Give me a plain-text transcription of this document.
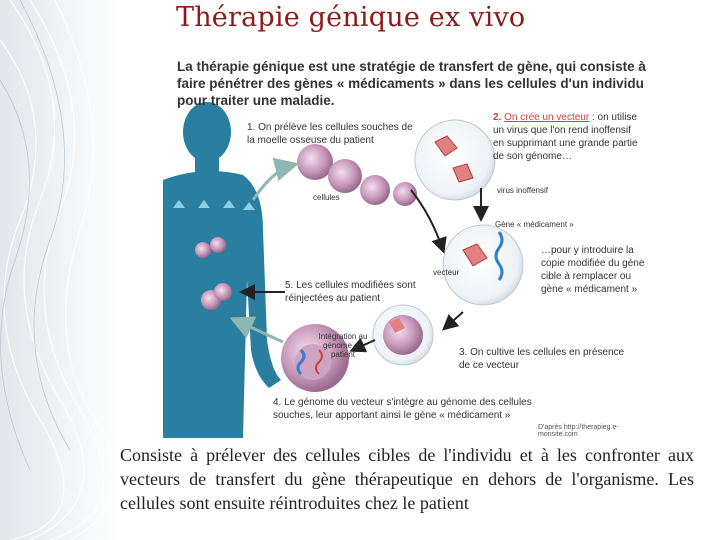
Thérapie génique ex vivo
La thérapie génique est une stratégie de transfert de gène, qui consiste à faire pénétrer des gènes « médicaments » dans les cellules d'un individu pour traiter une maladie.
1. On prélève les cellules souches de la moelle osseuse du patient
2. On crée un vecteur : on utilise un virus que l'on rend inoffensif en supprimant une grande partie de son génome…
…pour y introduire la copie modifiée du gène cible à remplacer ou gène « médicament »
3. On cultive les cellules en présence de ce vecteur
4. Le génome du vecteur s'intègre au génome des cellules souches, leur apportant ainsi le gène « médicament »
5. Les cellules modifiées sont réinjectées au patient
cellules
virus inoffensif
Gène « médicament »
vecteur
Intégration au génome du patient
D'après http://therapieg.e-monsite.com
Consiste à prélever des cellules cibles de l'individu et à les confronter aux vecteurs de transfert du gène thérapeutique en dehors de l'organisme. Les cellules sont ensuite réintroduites chez le patient
